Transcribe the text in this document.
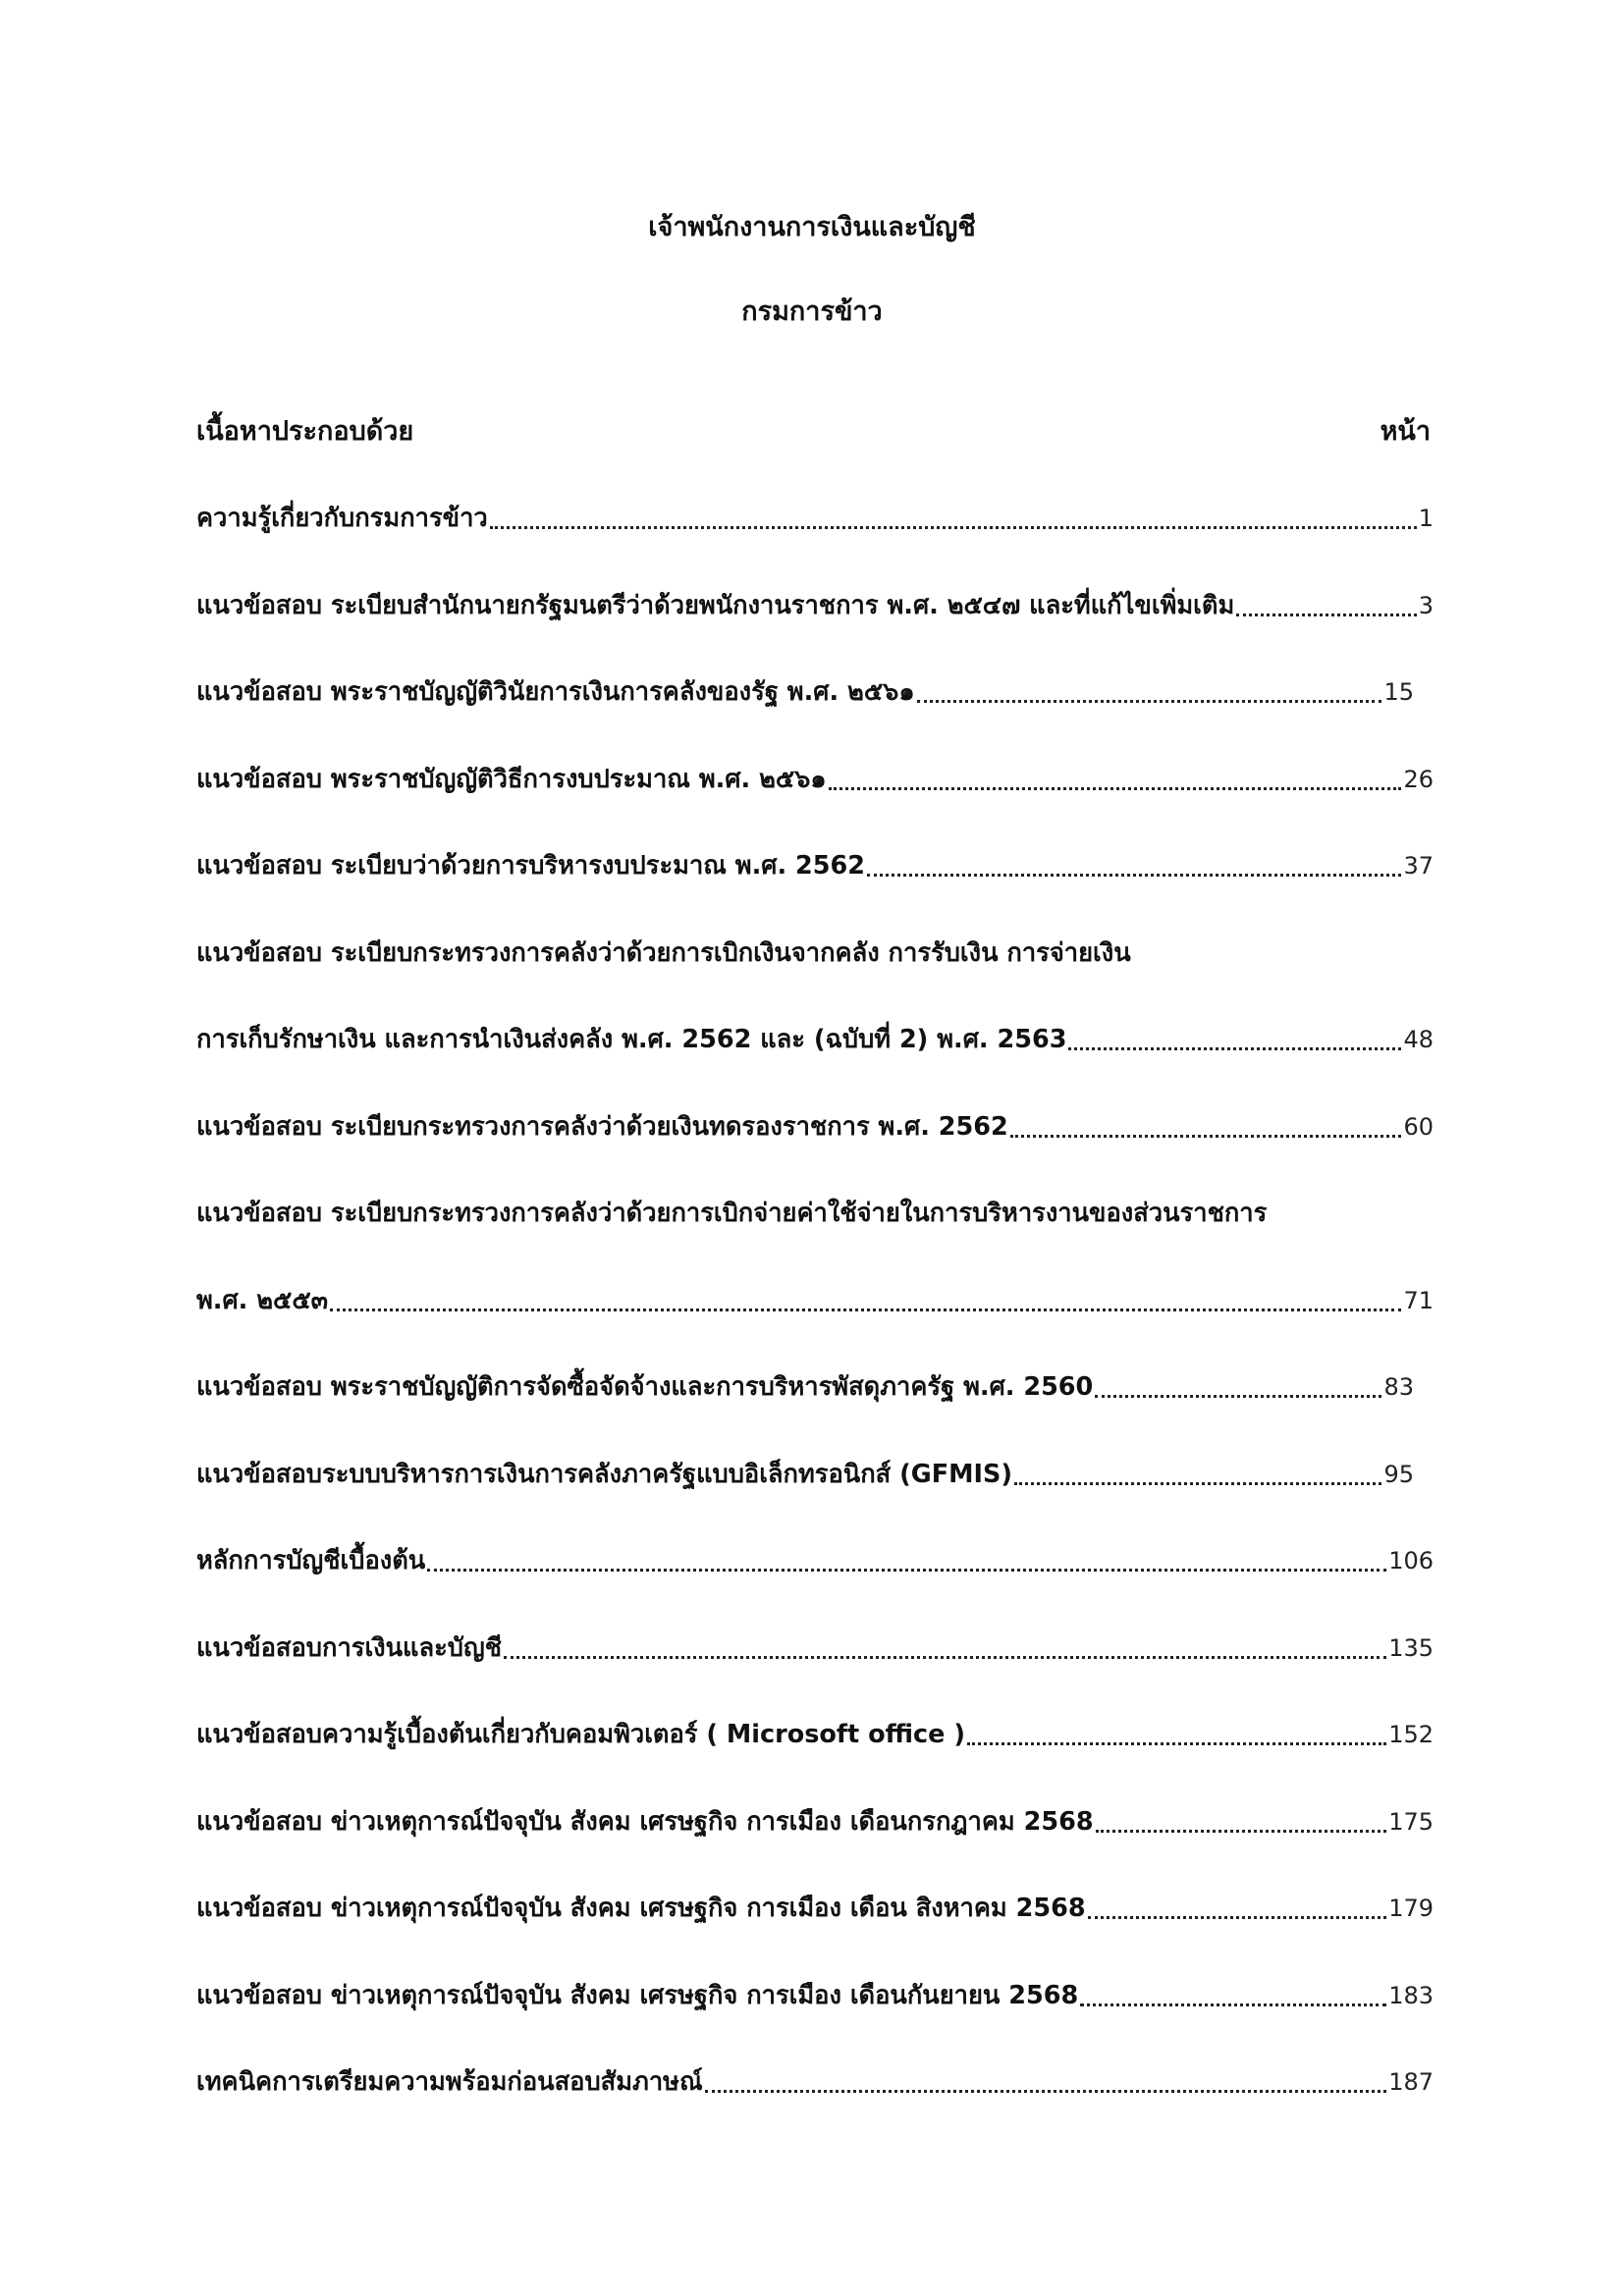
เจ้าพนักงานการเงินและบัญชี
กรมการข้าว
เนื้อหาประกอบด้วย	หน้า
ความรู้เกี่ยวกับกรมการข้าว	1
แนวข้อสอบ ระเบียบสำนักนายกรัฐมนตรีว่าด้วยพนักงานราชการ พ.ศ. ๒๕๔๗ และที่แก้ไขเพิ่มเติม	3
แนวข้อสอบ พระราชบัญญัติวินัยการเงินการคลังของรัฐ พ.ศ. ๒๕๖๑	15
แนวข้อสอบ พระราชบัญญัติวิธีการงบประมาณ พ.ศ. ๒๕๖๑	26
แนวข้อสอบ ระเบียบว่าด้วยการบริหารงบประมาณ พ.ศ. 2562	37
แนวข้อสอบ ระเบียบกระทรวงการคลังว่าด้วยการเบิกเงินจากคลัง การรับเงิน การจ่ายเงิน
การเก็บรักษาเงิน และการนำเงินส่งคลัง พ.ศ. 2562 และ (ฉบับที่ 2) พ.ศ. 2563	48
แนวข้อสอบ ระเบียบกระทรวงการคลังว่าด้วยเงินทดรองราชการ พ.ศ. 2562	60
แนวข้อสอบ ระเบียบกระทรวงการคลังว่าด้วยการเบิกจ่ายค่าใช้จ่ายในการบริหารงานของส่วนราชการ
พ.ศ. ๒๕๕๓	71
แนวข้อสอบ พระราชบัญญัติการจัดซื้อจัดจ้างและการบริหารพัสดุภาครัฐ พ.ศ. 2560	83
แนวข้อสอบระบบบริหารการเงินการคลังภาครัฐแบบอิเล็กทรอนิกส์ (GFMIS)	95
หลักการบัญชีเบื้องต้น	106
แนวข้อสอบการเงินและบัญชี	135
แนวข้อสอบความรู้เบื้องต้นเกี่ยวกับคอมพิวเตอร์ ( Microsoft office )	152
แนวข้อสอบ ข่าวเหตุการณ์ปัจจุบัน สังคม เศรษฐกิจ การเมือง เดือนกรกฎาคม 2568	175
แนวข้อสอบ ข่าวเหตุการณ์ปัจจุบัน สังคม เศรษฐกิจ การเมือง เดือน สิงหาคม 2568	179
แนวข้อสอบ ข่าวเหตุการณ์ปัจจุบัน สังคม เศรษฐกิจ การเมือง เดือนกันยายน 2568	183
เทคนิคการเตรียมความพร้อมก่อนสอบสัมภาษณ์	187
